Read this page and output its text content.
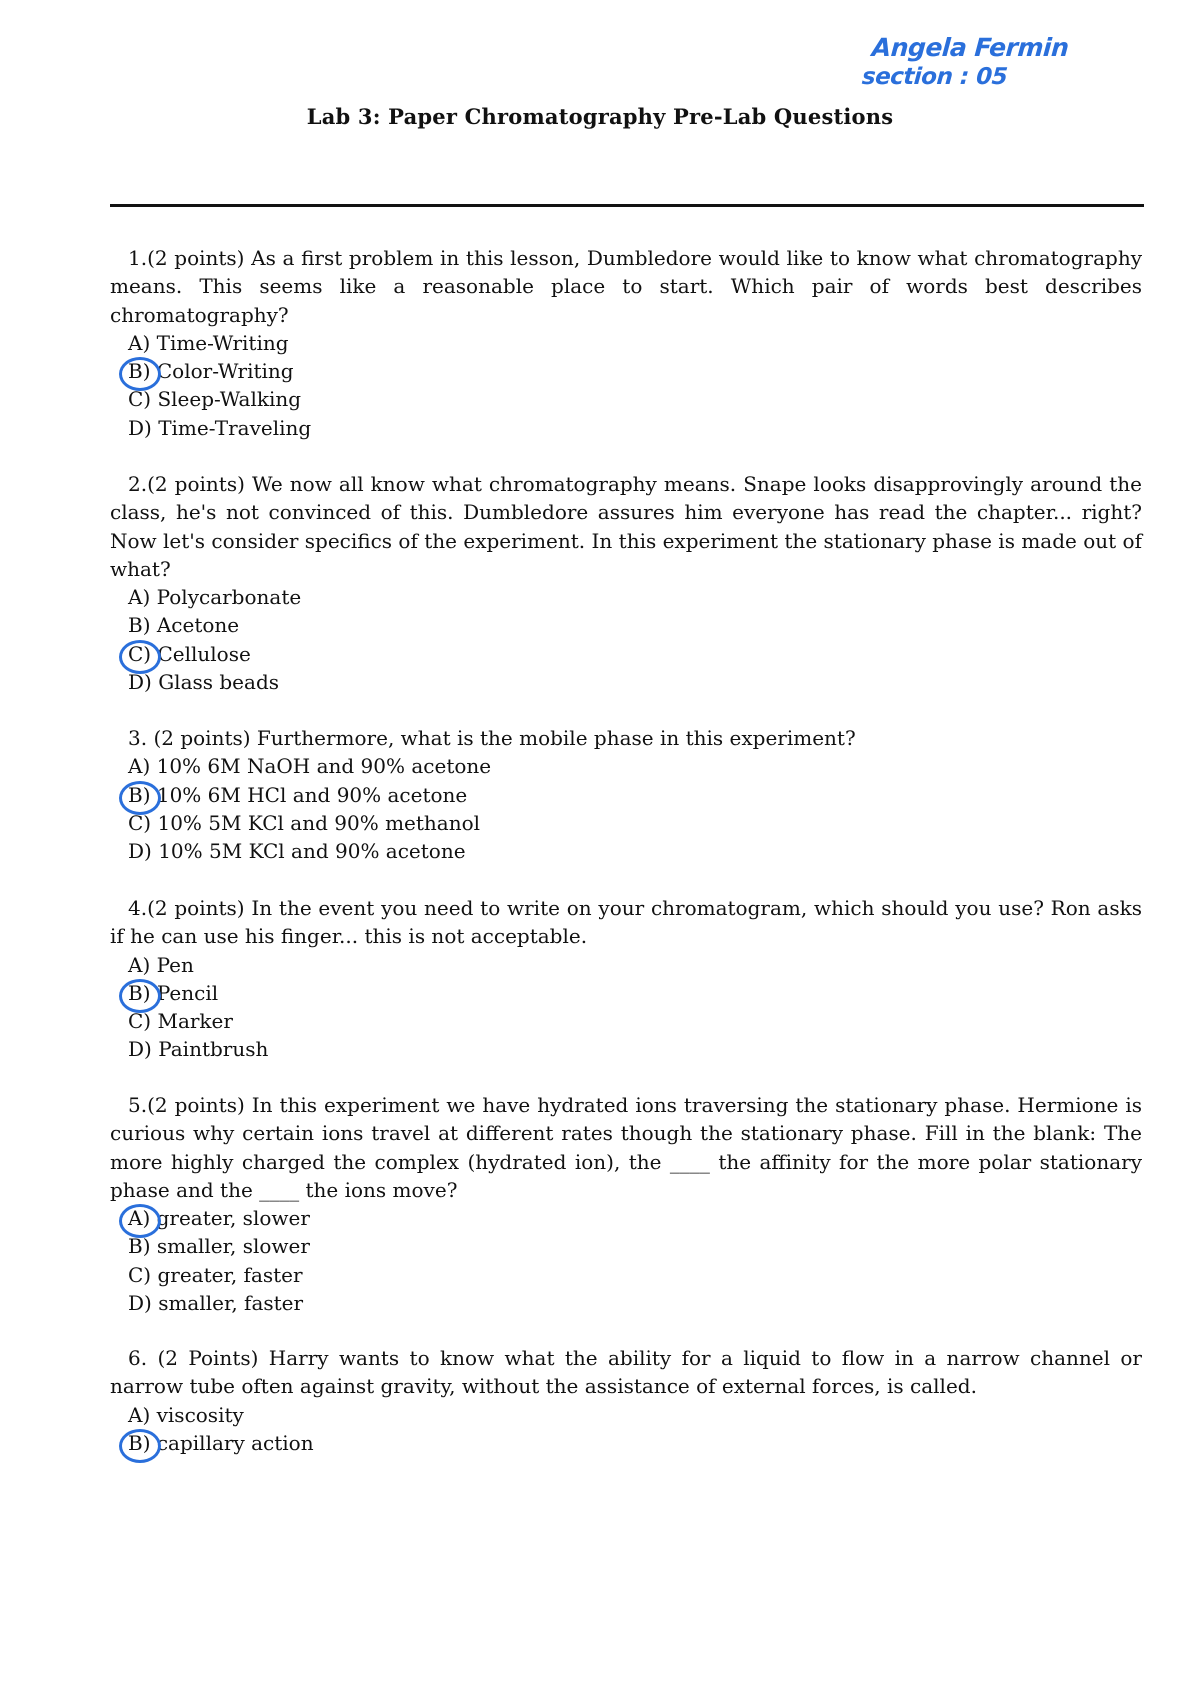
Angela Fermin
section : 05
Lab 3: Paper Chromatography Pre-Lab Questions

1.(2 points) As a first problem in this lesson, Dumbledore would like to know what chromatography means. This seems like a reasonable place to start. Which pair of words best describes chromatography?

A) Time-Writing
B) Color-Writing
C) Sleep-Walking
D) Time-Traveling

2.(2 points) We now all know what chromatography means. Snape looks disapprovingly around the class, he's not convinced of this. Dumbledore assures him everyone has read the chapter... right? Now let's consider specifics of the experiment. In this experiment the stationary phase is made out of what?

A) Polycarbonate
B) Acetone
C) Cellulose
D) Glass beads

3. (2 points) Furthermore, what is the mobile phase in this experiment?

A) 10% 6M NaOH and 90% acetone
B) 10% 6M HCl and 90% acetone
C) 10% 5M KCl and 90% methanol
D) 10% 5M KCl and 90% acetone

4.(2 points) In the event you need to write on your chromatogram, which should you use? Ron asks if he can use his finger... this is not acceptable.

A) Pen
B) Pencil
C) Marker
D) Paintbrush

5.(2 points) In this experiment we have hydrated ions traversing the stationary phase. Hermione is curious why certain ions travel at different rates though the stationary phase. Fill in the blank: The more highly charged the complex (hydrated ion), the ____ the affinity for the more polar stationary phase and the ____ the ions move?

A) greater, slower
B) smaller, slower
C) greater, faster
D) smaller, faster

6. (2 Points) Harry wants to know what the ability for a liquid to flow in a narrow channel or narrow tube often against gravity, without the assistance of external forces, is called.

A) viscosity
B) capillary action
